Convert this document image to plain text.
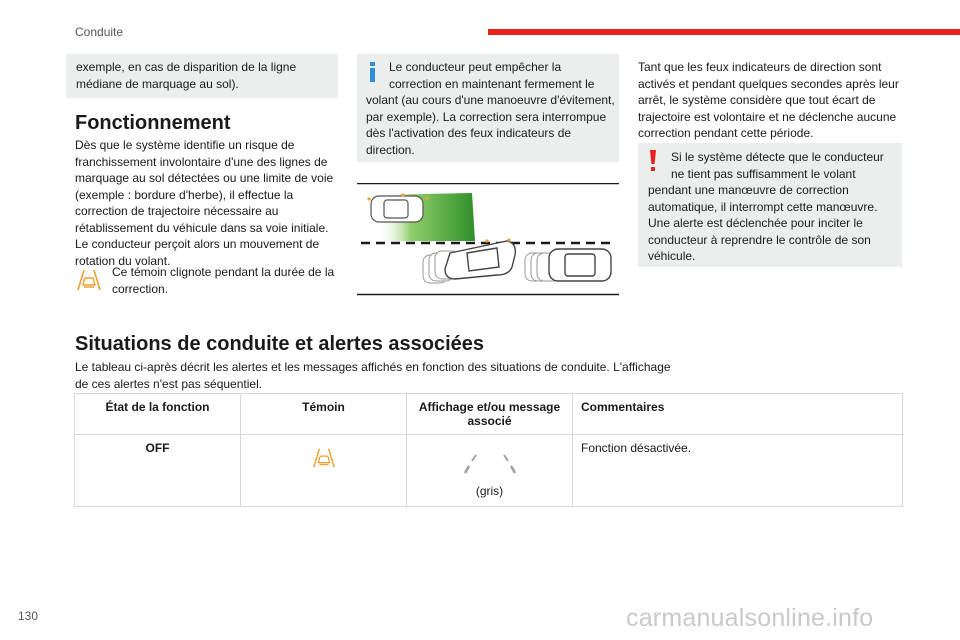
Conduite
exemple, en cas de disparition de la ligne médiane de marquage au sol).
Fonctionnement
Dès que le système identifie un risque de franchissement involontaire d'une des lignes de marquage au sol détectées ou une limite de voie (exemple : bordure d'herbe), il effectue la correction de trajectoire nécessaire au rétablissement du véhicule dans sa voie initiale. Le conducteur perçoit alors un mouvement de rotation du volant.
Ce témoin clignote pendant la durée de la correction.
Le conducteur peut empêcher la correction en maintenant fermement le
volant (au cours d'une manoeuvre d'évitement, par exemple). La correction sera interrompue dès l'activation des feux indicateurs de direction.
Tant que les feux indicateurs de direction sont activés et pendant quelques secondes après leur arrêt, le système considère que tout écart de trajectoire est volontaire et ne déclenche aucune correction pendant cette période.
Si le système détecte que le conducteur ne tient pas suffisamment le volant
pendant une manœuvre de correction automatique, il interrompt cette manœuvre. Une alerte est déclenchée pour inciter le conducteur à reprendre le contrôle de son véhicule.
Situations de conduite et alertes associées
Le tableau ci-après décrit les alertes et les messages affichés en fonction des situations de conduite. L'affichage de ces alertes n'est pas séquentiel.
État de la fonction	Témoin	Affichage et/ou message associé	Commentaires
OFF		(gris)	Fonction désactivée.
130	carmanualsonline.info
